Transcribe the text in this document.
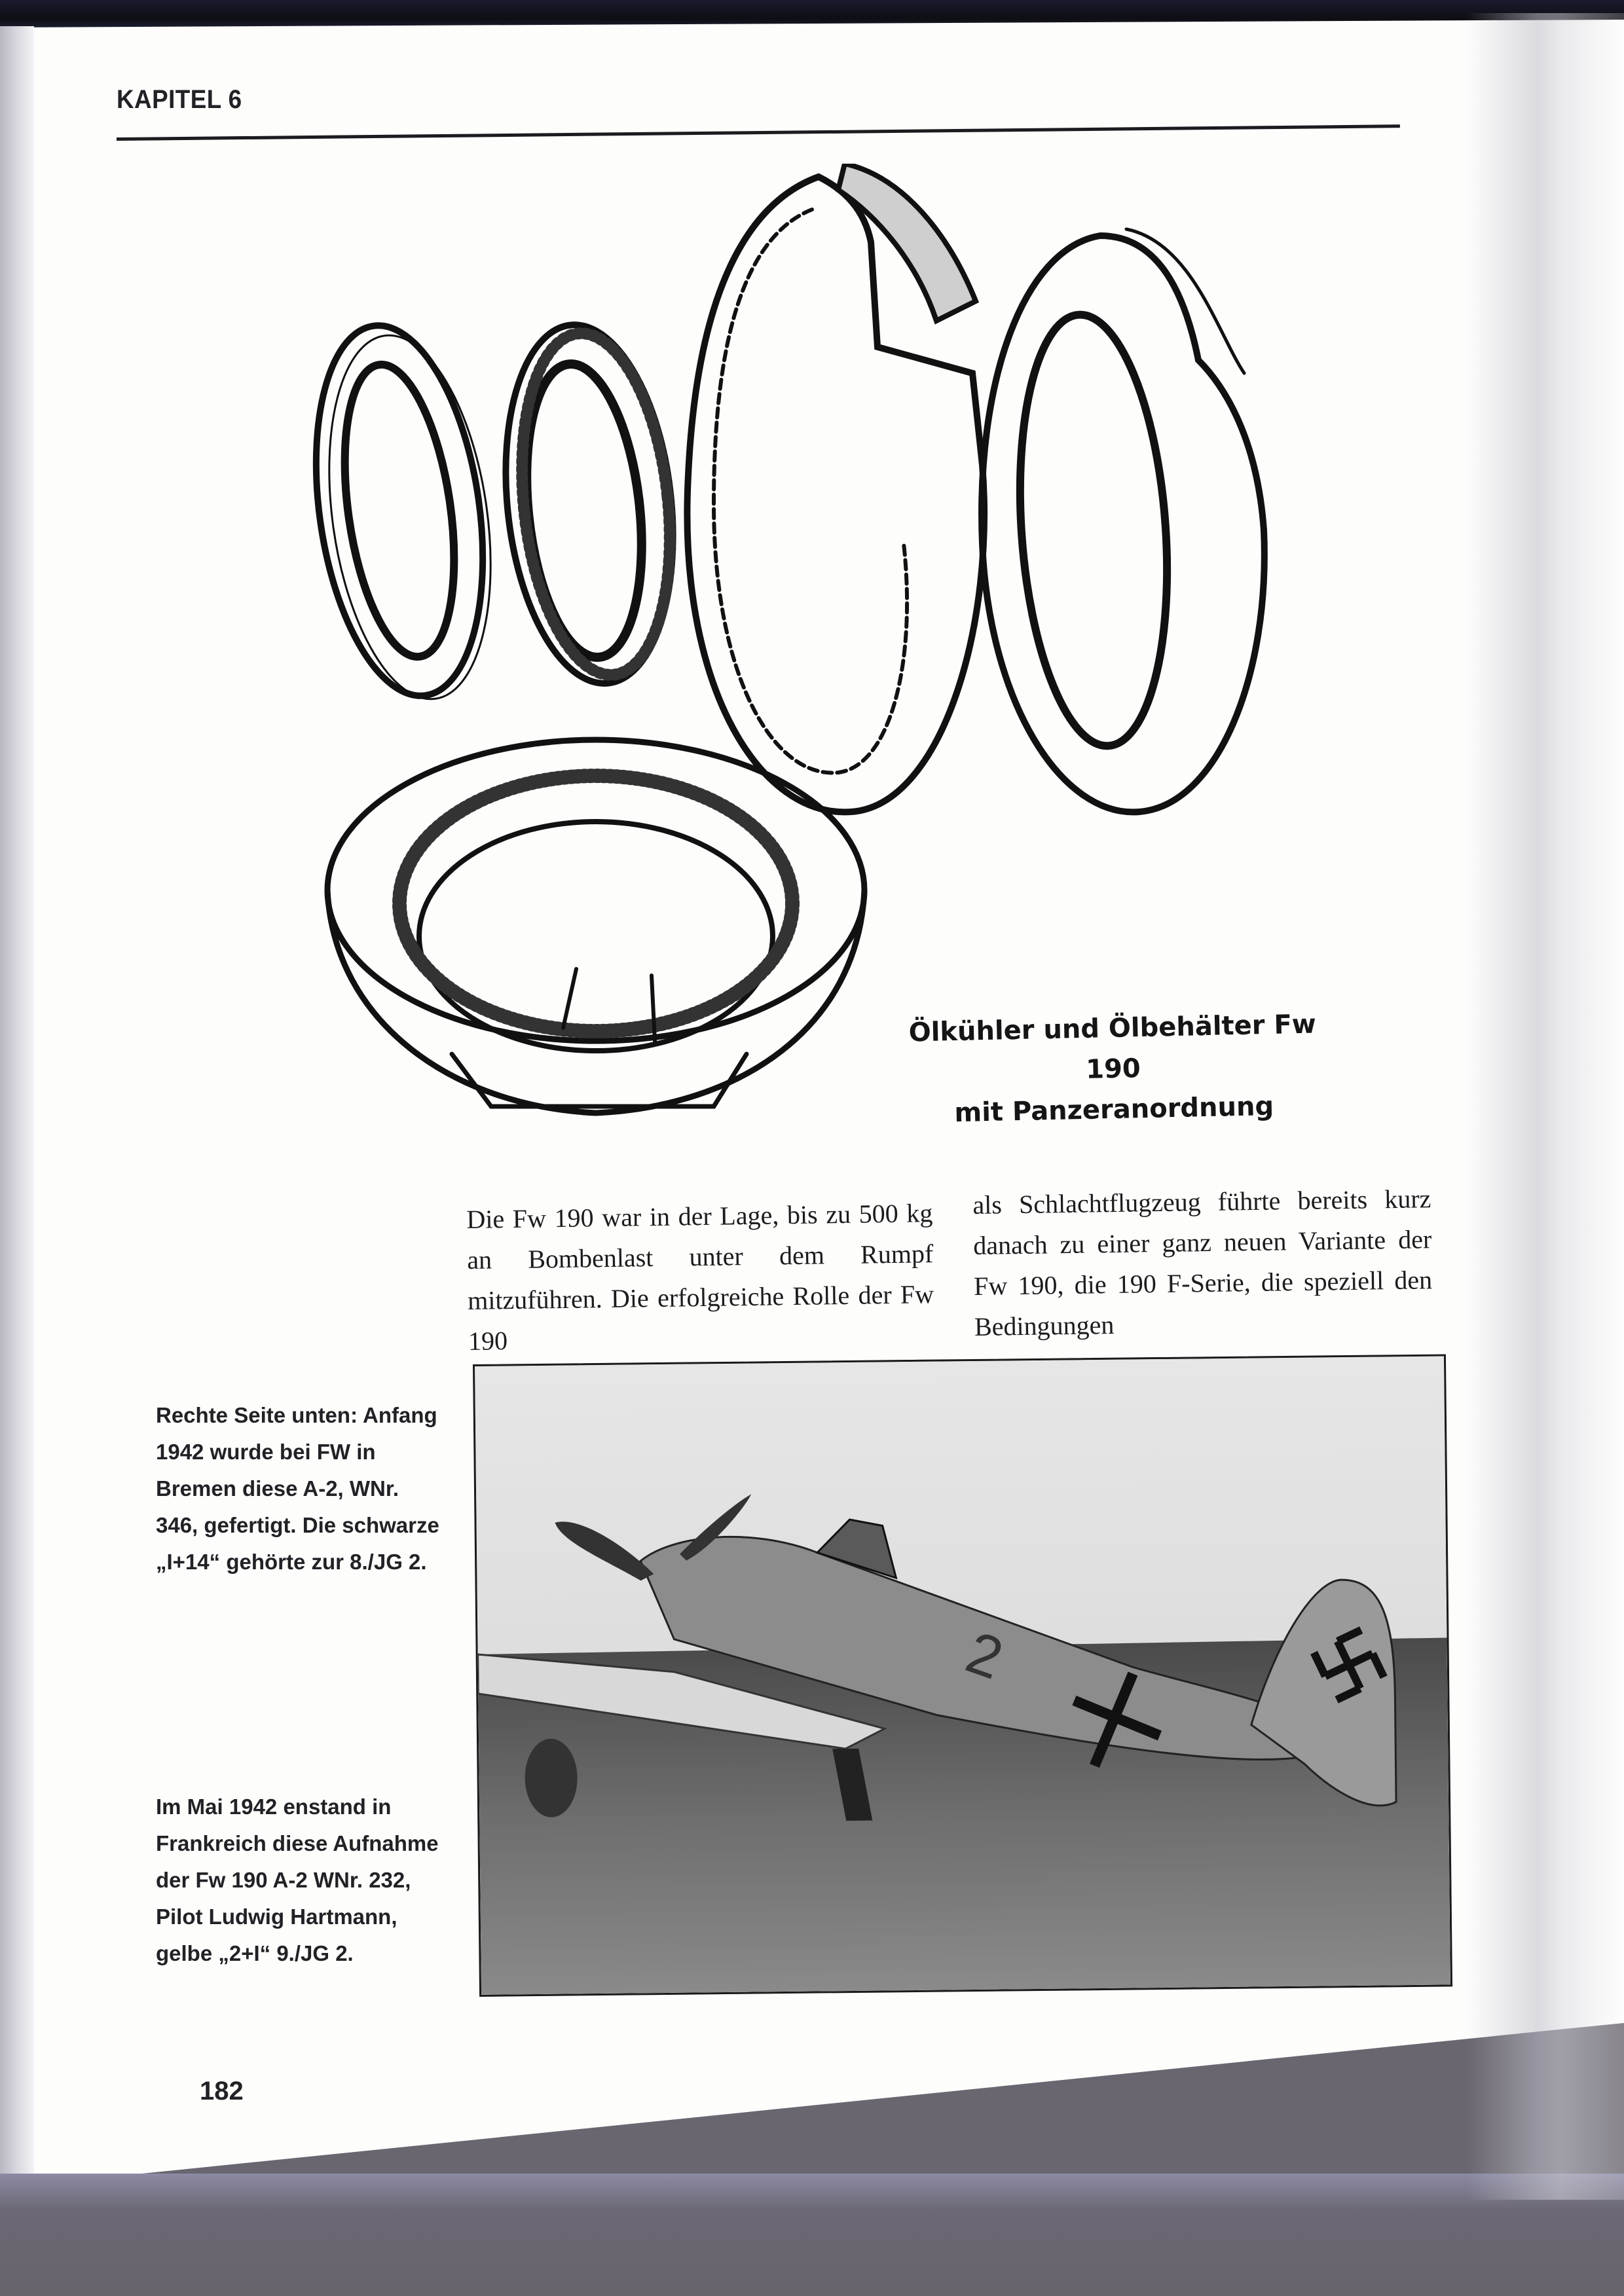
KAPITEL 6
Ölkühler und Ölbehälter Fw 190
mit Panzeranordnung
Die Fw 190 war in der Lage, bis zu 500 kg an Bombenlast unter dem Rumpf mitzuführen. Die erfolgreiche Rolle der Fw 190
als Schlachtflugzeug führte bereits kurz danach zu einer ganz neuen Variante der Fw 190, die 190 F-Serie, die speziell den Bedingungen
Rechte Seite unten: Anfang 1942 wurde bei FW in Bremen diese A-2, WNr. 346, gefertigt. Die schwarze „I+14“ gehörte zur 8./JG 2.
Im Mai 1942 enstand in Frankreich diese Aufnahme der Fw 190 A-2 WNr. 232, Pilot Ludwig Hartmann, gelbe „2+I“ 9./JG 2.
2
182
